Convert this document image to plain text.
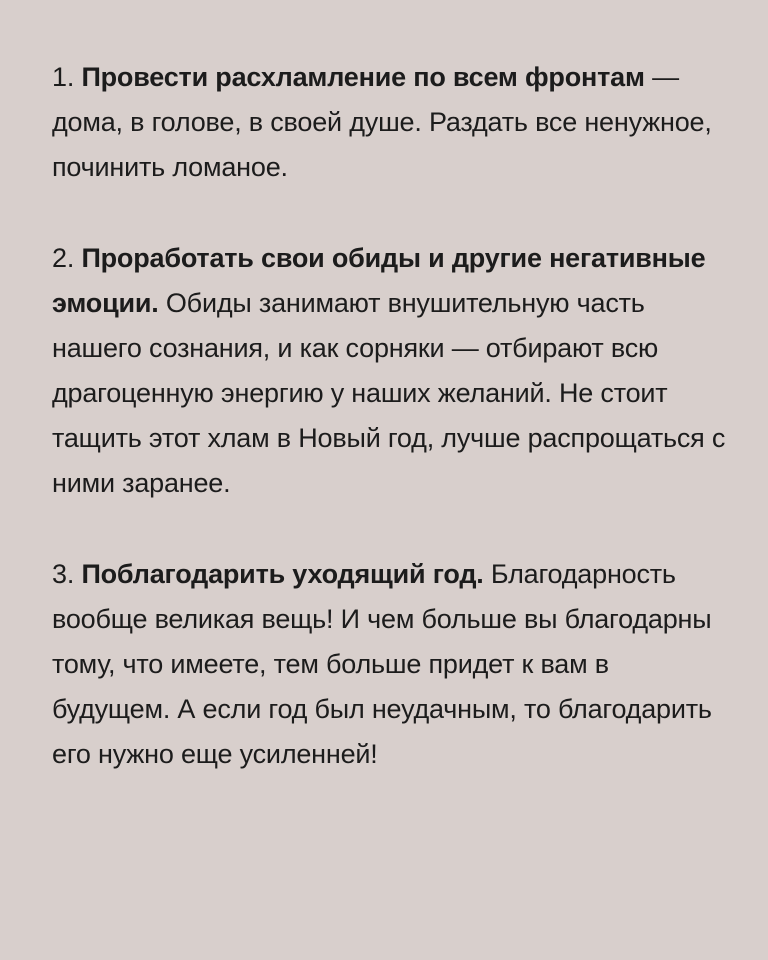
1. Провести расхламление по всем фронтам — дома, в голове, в своей душе. Раздать все ненужное, починить ломаное.

2. Проработать свои обиды и другие негативные эмоции. Обиды занимают внушительную часть нашего сознания, и как сорняки — отбирают всю драгоценную энергию у наших желаний. Не стоит тащить этот хлам в Новый год, лучше распрощаться с ними заранее.

3. Поблагодарить уходящий год. Благодарность вообще великая вещь! И чем больше вы благодарны тому, что имеете, тем больше придет к вам в будущем. А если год был неудачным, то благодарить его нужно еще усиленней!
